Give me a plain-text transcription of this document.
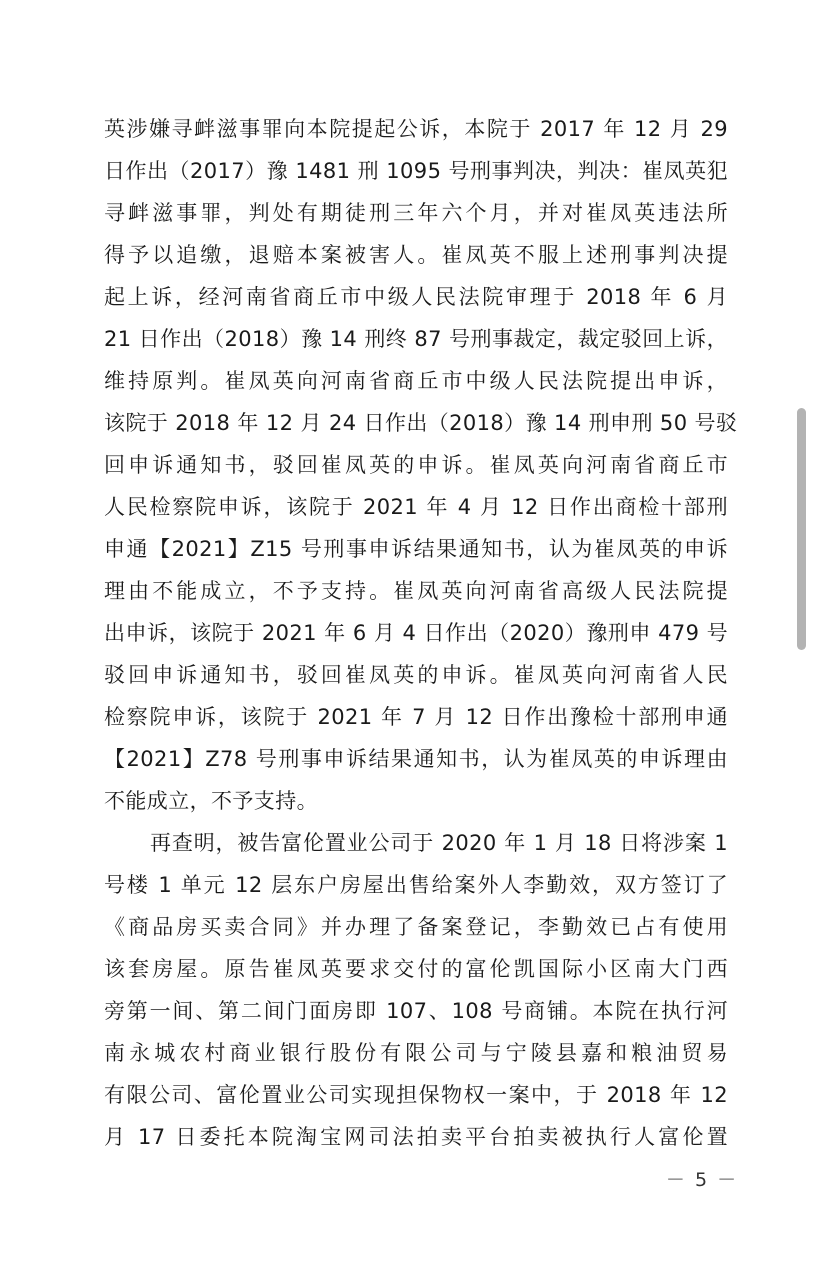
英涉嫌寻衅滋事罪向本院提起公诉，本院于 2017 年 12 月 29
日作出（2017）豫 1481 刑 1095 号刑事判决，判决：崔凤英犯
寻衅滋事罪，判处有期徒刑三年六个月，并对崔凤英违法所
得予以追缴，退赔本案被害人。崔凤英不服上述刑事判决提
起上诉，经河南省商丘市中级人民法院审理于 2018 年 6 月
21 日作出（2018）豫 14 刑终 87 号刑事裁定，裁定驳回上诉，
维持原判。崔凤英向河南省商丘市中级人民法院提出申诉，
该院于 2018 年 12 月 24 日作出（2018）豫 14 刑申刑 50 号驳
回申诉通知书，驳回崔凤英的申诉。崔凤英向河南省商丘市
人民检察院申诉，该院于 2021 年 4 月 12 日作出商检十部刑
申通【2021】Z15 号刑事申诉结果通知书，认为崔凤英的申诉
理由不能成立，不予支持。崔凤英向河南省高级人民法院提
出申诉，该院于 2021 年 6 月 4 日作出（2020）豫刑申 479 号
驳回申诉通知书，驳回崔凤英的申诉。崔凤英向河南省人民
检察院申诉，该院于 2021 年 7 月 12 日作出豫检十部刑申通
【2021】Z78 号刑事申诉结果通知书，认为崔凤英的申诉理由
不能成立，不予支持。
再查明，被告富伦置业公司于 2020 年 1 月 18 日将涉案 1
号楼 1 单元 12 层东户房屋出售给案外人李勤效，双方签订了
《商品房买卖合同》并办理了备案登记，李勤效已占有使用
该套房屋。原告崔凤英要求交付的富伦凯国际小区南大门西
旁第一间、第二间门面房即 107、108 号商铺。本院在执行河
南永城农村商业银行股份有限公司与宁陵县嘉和粮油贸易
有限公司、富伦置业公司实现担保物权一案中，于 2018 年 12
月 17 日委托本院淘宝网司法拍卖平台拍卖被执行人富伦置
－ 5 －
